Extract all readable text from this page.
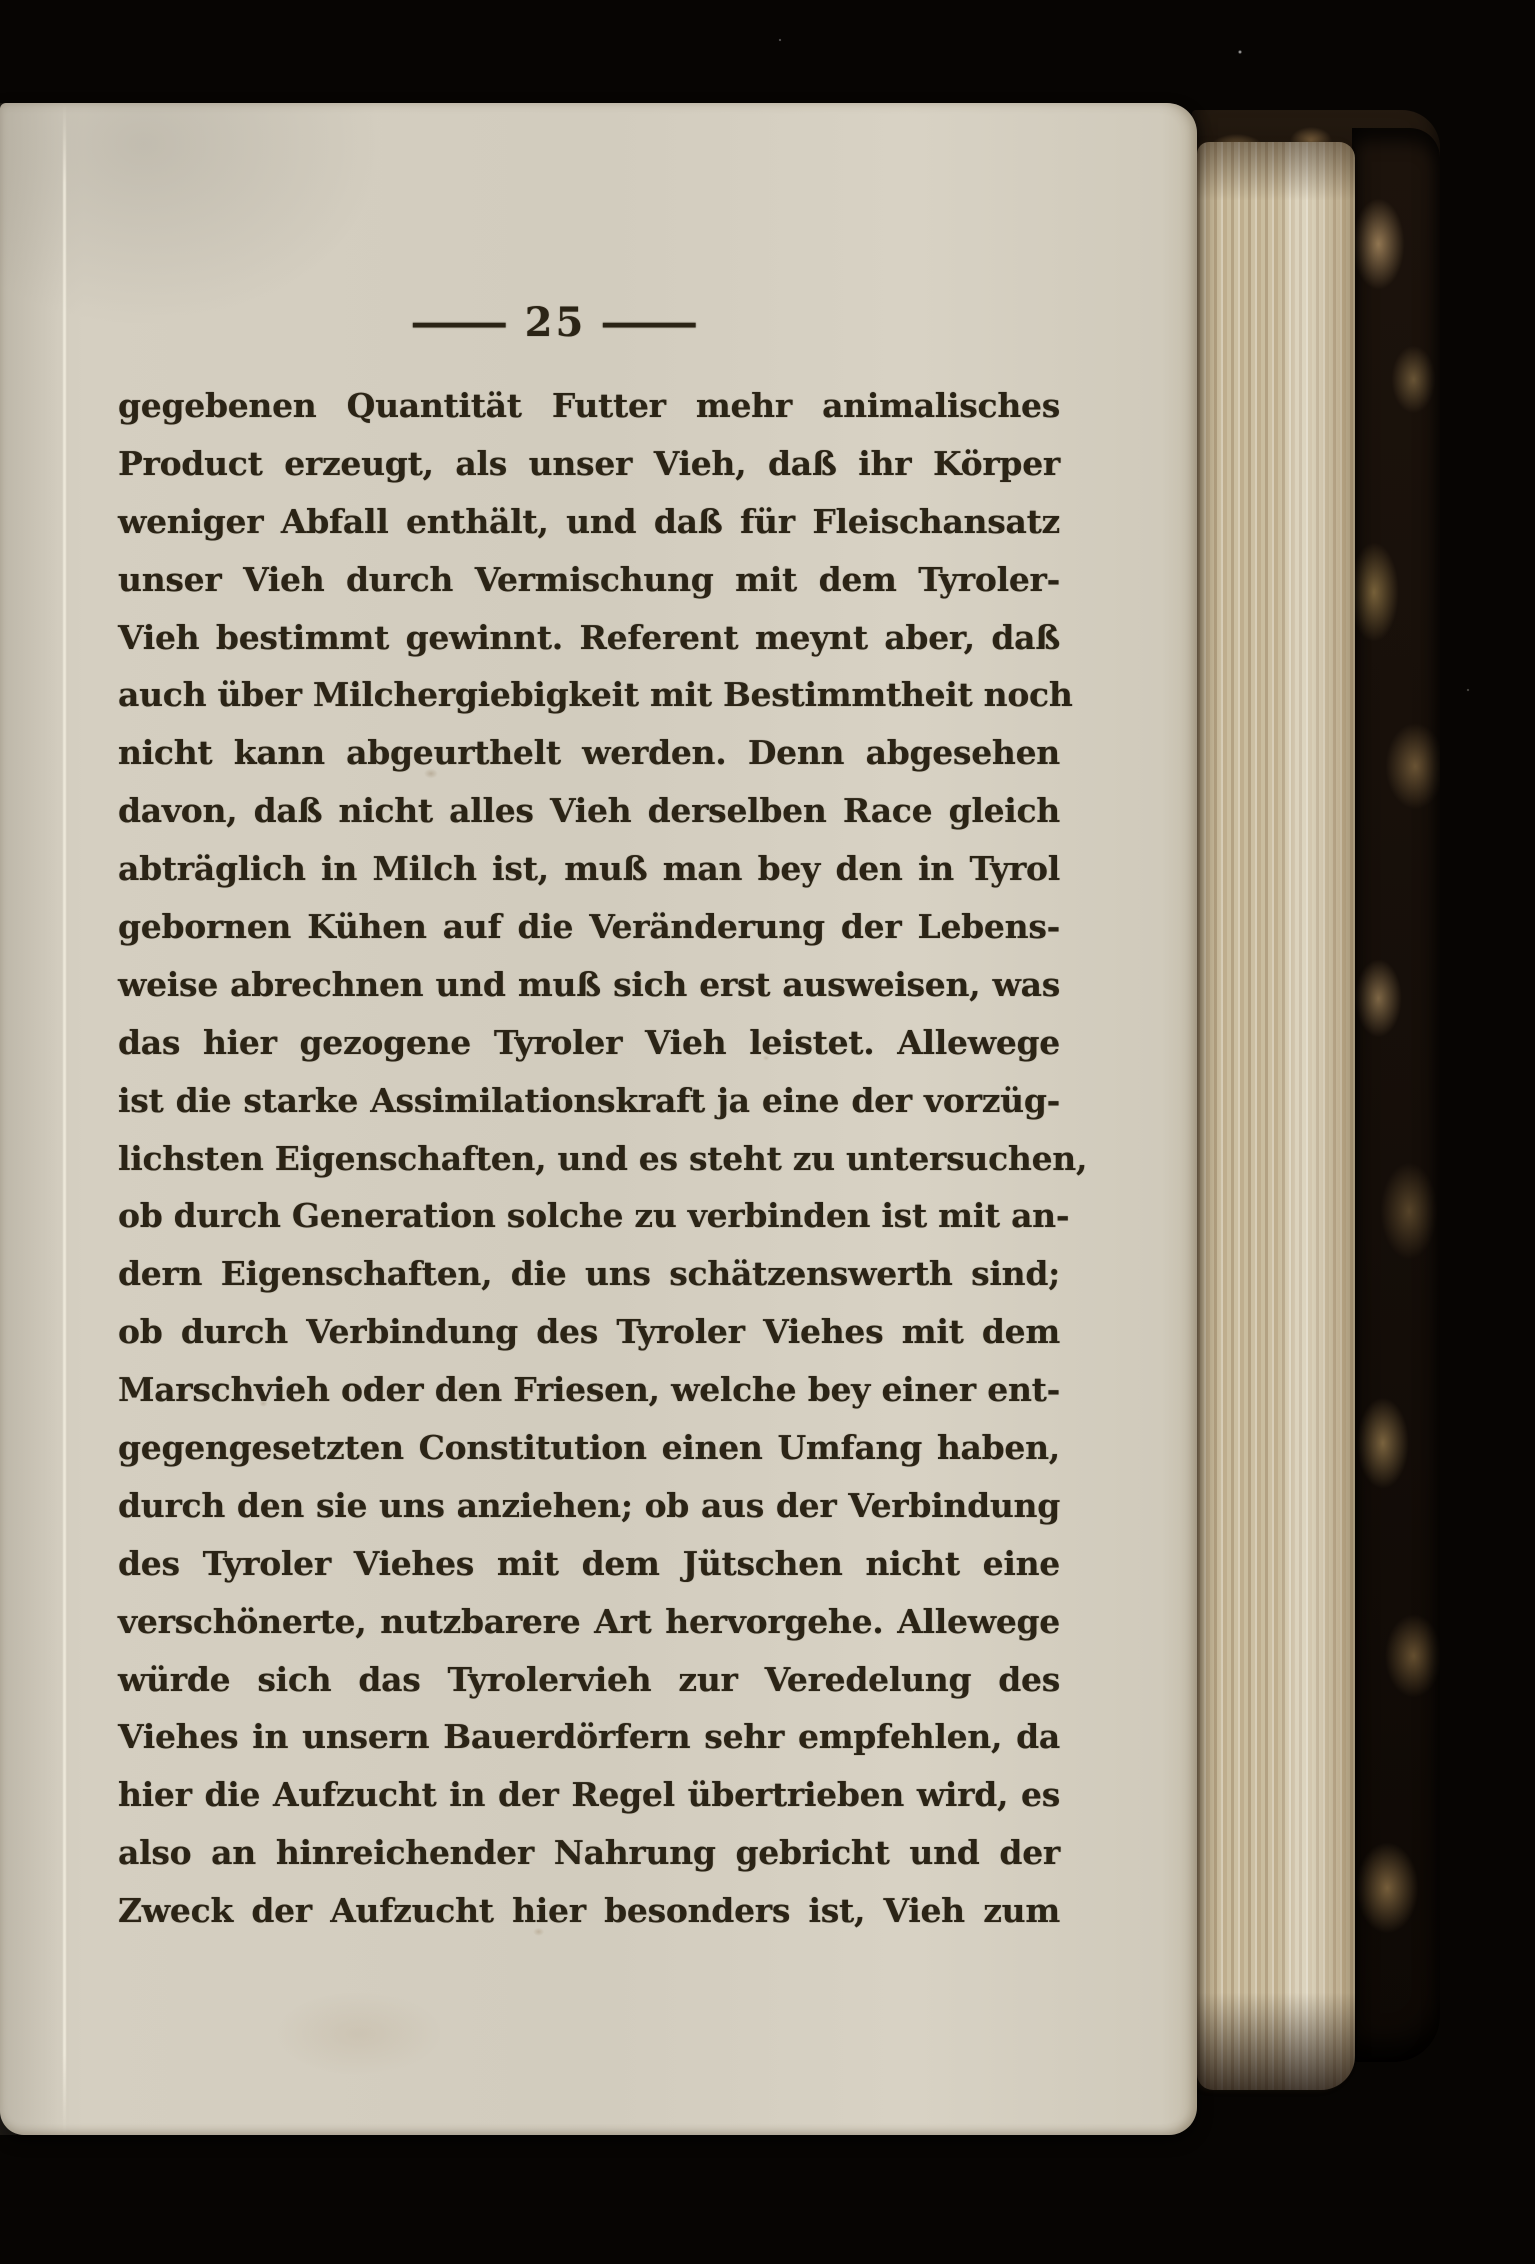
— 25 —
gegebenen Quantität Futter mehr animalisches
Product erzeugt, als unser Vieh, daß ihr Körper
weniger Abfall enthält, und daß für Fleischansatz
unser Vieh durch Vermischung mit dem Tyroler-
Vieh bestimmt gewinnt. Referent meynt aber, daß
auch über Milchergiebigkeit mit Bestimmtheit noch
nicht kann abgeurthelt werden. Denn abgesehen
davon, daß nicht alles Vieh derselben Race gleich
abträglich in Milch ist, muß man bey den in Tyrol
gebornen Kühen auf die Veränderung der Lebens-
weise abrechnen und muß sich erst ausweisen, was
das hier gezogene Tyroler Vieh leistet. Allewege
ist die starke Assimilationskraft ja eine der vorzüg-
lichsten Eigenschaften, und es steht zu untersuchen,
ob durch Generation solche zu verbinden ist mit an-
dern Eigenschaften, die uns schätzenswerth sind;
ob durch Verbindung des Tyroler Viehes mit dem
Marschvieh oder den Friesen, welche bey einer ent-
gegengesetzten Constitution einen Umfang haben,
durch den sie uns anziehen; ob aus der Verbindung
des Tyroler Viehes mit dem Jütschen nicht eine
verschönerte, nutzbarere Art hervorgehe. Allewege
würde sich das Tyrolervieh zur Veredelung des
Viehes in unsern Bauerdörfern sehr empfehlen, da
hier die Aufzucht in der Regel übertrieben wird, es
also an hinreichender Nahrung gebricht und der
Zweck der Aufzucht hier besonders ist, Vieh zum
